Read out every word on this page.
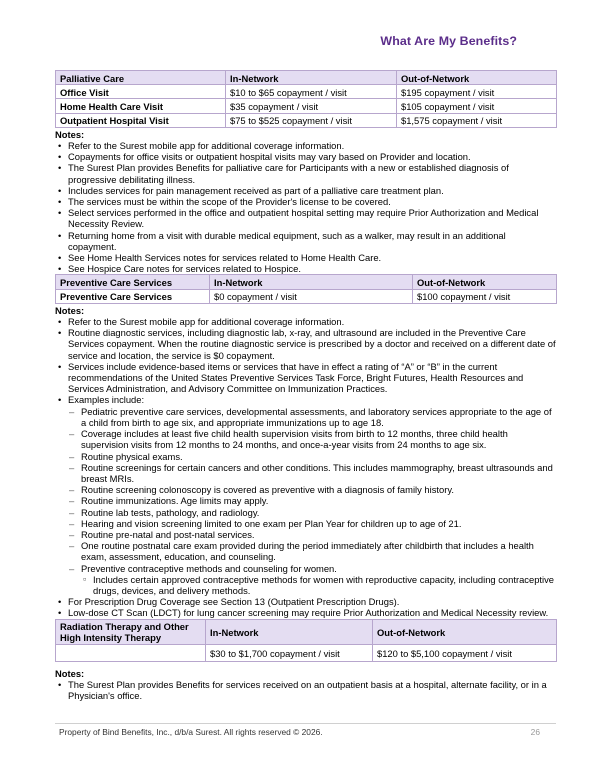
What Are My Benefits?
Palliative Care	In-Network	Out-of-Network
Office Visit	$10 to $65 copayment / visit	$195 copayment / visit
Home Health Care Visit	$35 copayment / visit	$105 copayment / visit
Outpatient Hospital Visit	$75 to $525 copayment / visit	$1,575 copayment / visit
Notes:
• Refer to the Surest mobile app for additional coverage information.
• Copayments for office visits or outpatient hospital visits may vary based on Provider and location.
• The Surest Plan provides Benefits for palliative care for Participants with a new or established diagnosis of progressive debilitating illness.
• Includes services for pain management received as part of a palliative care treatment plan.
• The services must be within the scope of the Provider's license to be covered.
• Select services performed in the office and outpatient hospital setting may require Prior Authorization and Medical Necessity Review.
• Returning home from a visit with durable medical equipment, such as a walker, may result in an additional copayment.
• See Home Health Services notes for services related to Home Health Care.
• See Hospice Care notes for services related to Hospice.
Preventive Care Services	In-Network	Out-of-Network
Preventive Care Services	$0 copayment / visit	$100 copayment / visit
Notes:
• Refer to the Surest mobile app for additional coverage information.
• Routine diagnostic services, including diagnostic lab, x-ray, and ultrasound are included in the Preventive Care Services copayment. When the routine diagnostic service is prescribed by a doctor and received on a different date of service and location, the service is $0 copayment.
• Services include evidence-based items or services that have in effect a rating of “A” or “B” in the current recommendations of the United States Preventive Services Task Force, Bright Futures, Health Resources and Services Administration, and Advisory Committee on Immunization Practices.
• Examples include:
– Pediatric preventive care services, developmental assessments, and laboratory services appropriate to the age of a child from birth to age six, and appropriate immunizations up to age 18.
– Coverage includes at least five child health supervision visits from birth to 12 months, three child health supervision visits from 12 months to 24 months, and once-a-year visits from 24 months to age six.
– Routine physical exams.
– Routine screenings for certain cancers and other conditions. This includes mammography, breast ultrasounds and breast MRIs.
– Routine screening colonoscopy is covered as preventive with a diagnosis of family history.
– Routine immunizations. Age limits may apply.
– Routine lab tests, pathology, and radiology.
– Hearing and vision screening limited to one exam per Plan Year for children up to age of 21.
– Routine pre-natal and post-natal services.
– One routine postnatal care exam provided during the period immediately after childbirth that includes a health exam, assessment, education, and counseling.
– Preventive contraceptive methods and counseling for women.
▫ Includes certain approved contraceptive methods for women with reproductive capacity, including contraceptive drugs, devices, and delivery methods.
• For Prescription Drug Coverage see Section 13 (Outpatient Prescription Drugs).
• Low-dose CT Scan (LDCT) for lung cancer screening may require Prior Authorization and Medical Necessity review.
Radiation Therapy and Other High Intensity Therapy	In-Network	Out-of-Network
	$30 to $1,700 copayment / visit	$120 to $5,100 copayment / visit
Notes:
• The Surest Plan provides Benefits for services received on an outpatient basis at a hospital, alternate facility, or in a Physician's office.
Property of Bind Benefits, Inc., d/b/a Surest. All rights reserved © 2026.	26
